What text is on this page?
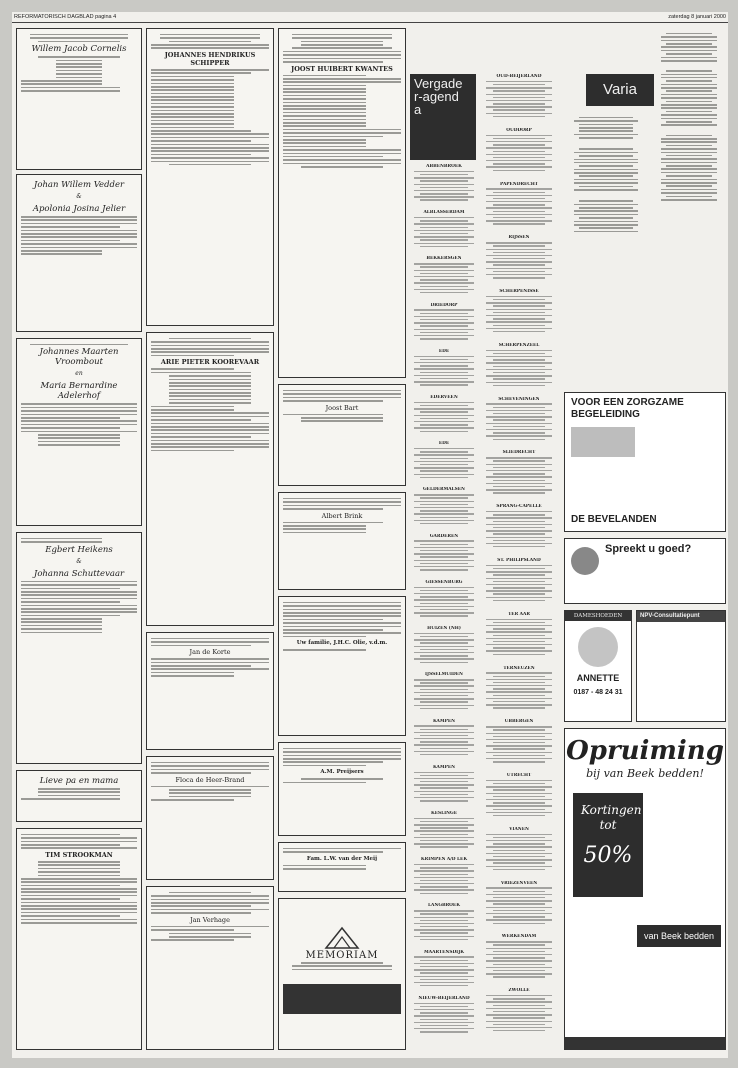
REFORMATORISCH DAGBLAD pagina 4	zaterdag 8 januari 2000
Willem Jacob Cornelis
Johan Willem Vedder
&
Apolonia Josina Jelier
Johannes Maarten Vroombout
en
Maria Bernardine Adelerhof
Egbert Heikens
&
Johanna Schuttevaar
Lieve pa en mama
TIM STROOKMAN
JOHANNES HENDRIKUS SCHIPPER
ARIE PIETER KOOREVAAR
Jan de Korte
Floca de Heer-Brand
Jan Verhage
JOOST HUIBERT KWANTES
Joost Bart
Albert Brink
Uw familie, J.H.C. Olie, v.d.m.
A.M. Preijsers
Fam. L.W. van der Meij
MEMORIAM
Vergader-agenda
Varia
VOOR EEN ZORGZAME BEGELEIDING
DE BEVELANDEN
Spreekt u goed?
DAMESHOEDEN
ANNETTE
0187 - 48 24 31
NPV-Consultatiepunt
Opruiming
bij van Beek bedden!
Kortingen tot
50%
van Beek bedden
ABBENBROEK
ALBLASSERDAM
BEKKERSGEN
DRIEDORP
EDE
EDERVEEN
EDE
GELDERMALSEN
GARDEREN
GIESSENBURG
HUIZEN (NH)
IJSSELMUIDEN
KAMPEN
KAMPEN
KESLINGE
KRIMPEN A/D LEK
LANGBROEK
MAARTENSDIJK
NIEUW-BEIJERLAND
OUD-BEIJERLAND
OUDDORP
PAPENDRECHT
RIJSSEN
SCHERPENISSE
SCHERPENZEEL
SCHEVENINGEN
SLIEDRECHT
SPRANG-CAPELLE
ST. PHILIPSLAND
TER AAR
TERNEUZEN
UBBERGEN
UTRECHT
VIANEN
VRIEZENVEEN
WERKENDAM
ZWOLLE
